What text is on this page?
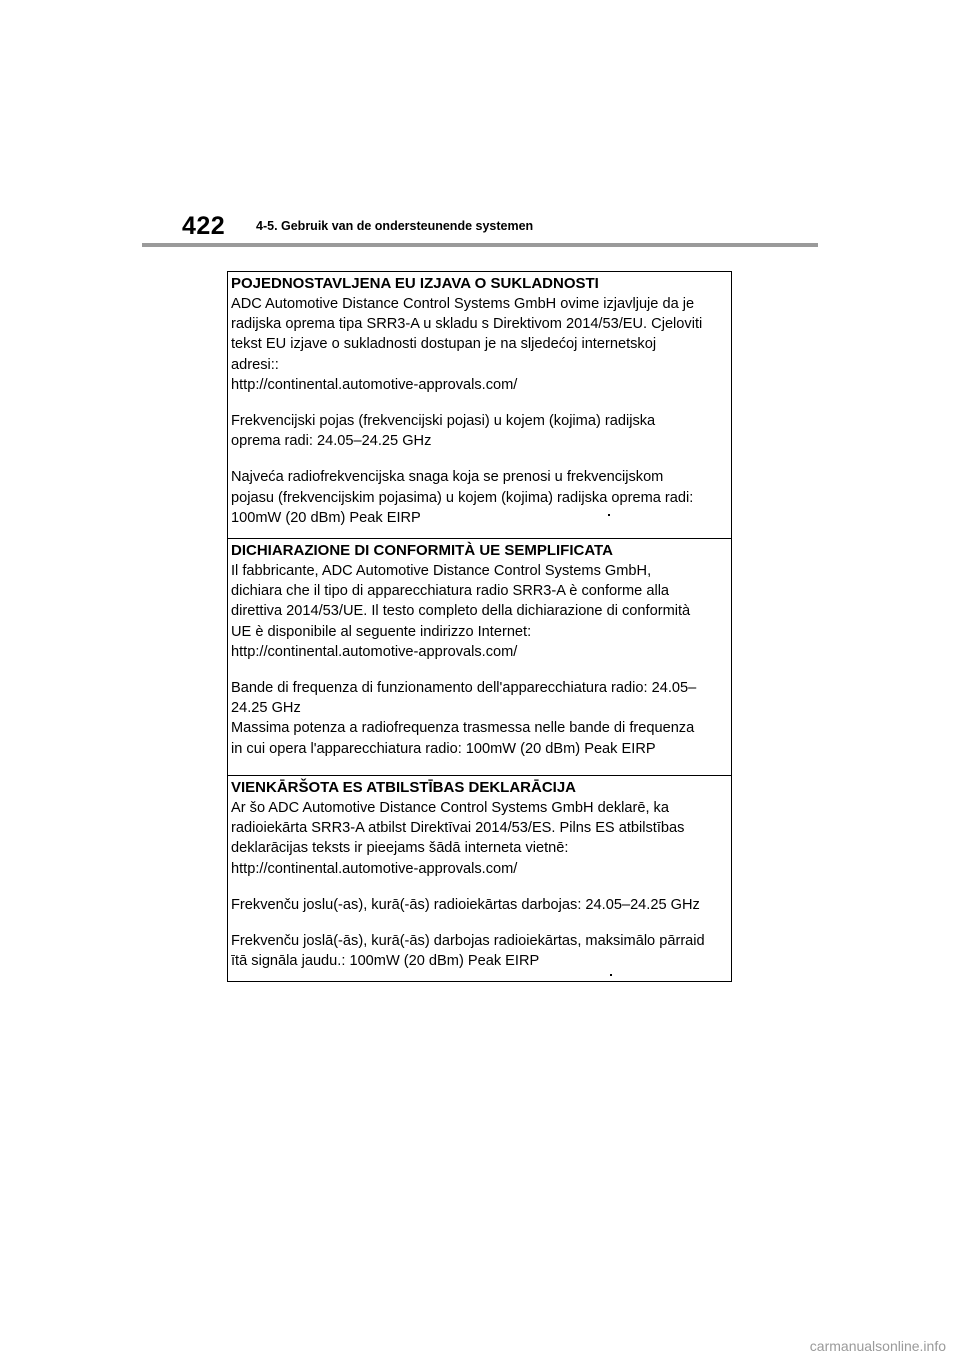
422 4-5. Gebruik van de ondersteunende systemen

POJEDNOSTAVLJENA EU IZJAVA O SUKLADNOSTI

ADC Automotive Distance Control Systems GmbH ovime izjavljuje da je

radijska oprema tipa SRR3-A u skladu s Direktivom 2014/53/EU. Cjeloviti

tekst EU izjave o sukladnosti dostupan je na sljedećoj internetskoj

adresi::

http://continental.automotive-approvals.com/

Frekvencijski pojas (frekvencijski pojasi) u kojem (kojima) radijska

oprema radi: 24.05–24.25 GHz

Najveća radiofrekvencijska snaga koja se prenosi u frekvencijskom

pojasu (frekvencijskim pojasima) u kojem (kojima) radijska oprema radi:

100mW (20 dBm) Peak EIRP

DICHIARAZIONE DI CONFORMITÀ UE SEMPLIFICATA

Il fabbricante, ADC Automotive Distance Control Systems GmbH,

dichiara che il tipo di apparecchiatura radio SRR3-A è conforme alla

direttiva 2014/53/UE. Il testo completo della dichiarazione di conformità

UE è disponibile al seguente indirizzo Internet:

http://continental.automotive-approvals.com/

Bande di frequenza di funzionamento dell'apparecchiatura radio: 24.05–

24.25 GHz

Massima potenza a radiofrequenza trasmessa nelle bande di frequenza

in cui opera l'apparecchiatura radio: 100mW (20 dBm) Peak EIRP

VIENKĀRŠOTA ES ATBILSTĪBAS DEKLARĀCIJA

Ar šo ADC Automotive Distance Control Systems GmbH deklarē, ka

radioiekārta SRR3-A atbilst Direktīvai 2014/53/ES. Pilns ES atbilstības

deklarācijas teksts ir pieejams šādā interneta vietnē:

http://continental.automotive-approvals.com/

Frekvenču joslu(-as), kurā(-ās) radioiekārtas darbojas: 24.05–24.25 GHz

Frekvenču joslā(-ās), kurā(-ās) darbojas radioiekārtas, maksimālo pārraid

ītā signāla jaudu.: 100mW (20 dBm) Peak EIRP

carmanualsonline.info
